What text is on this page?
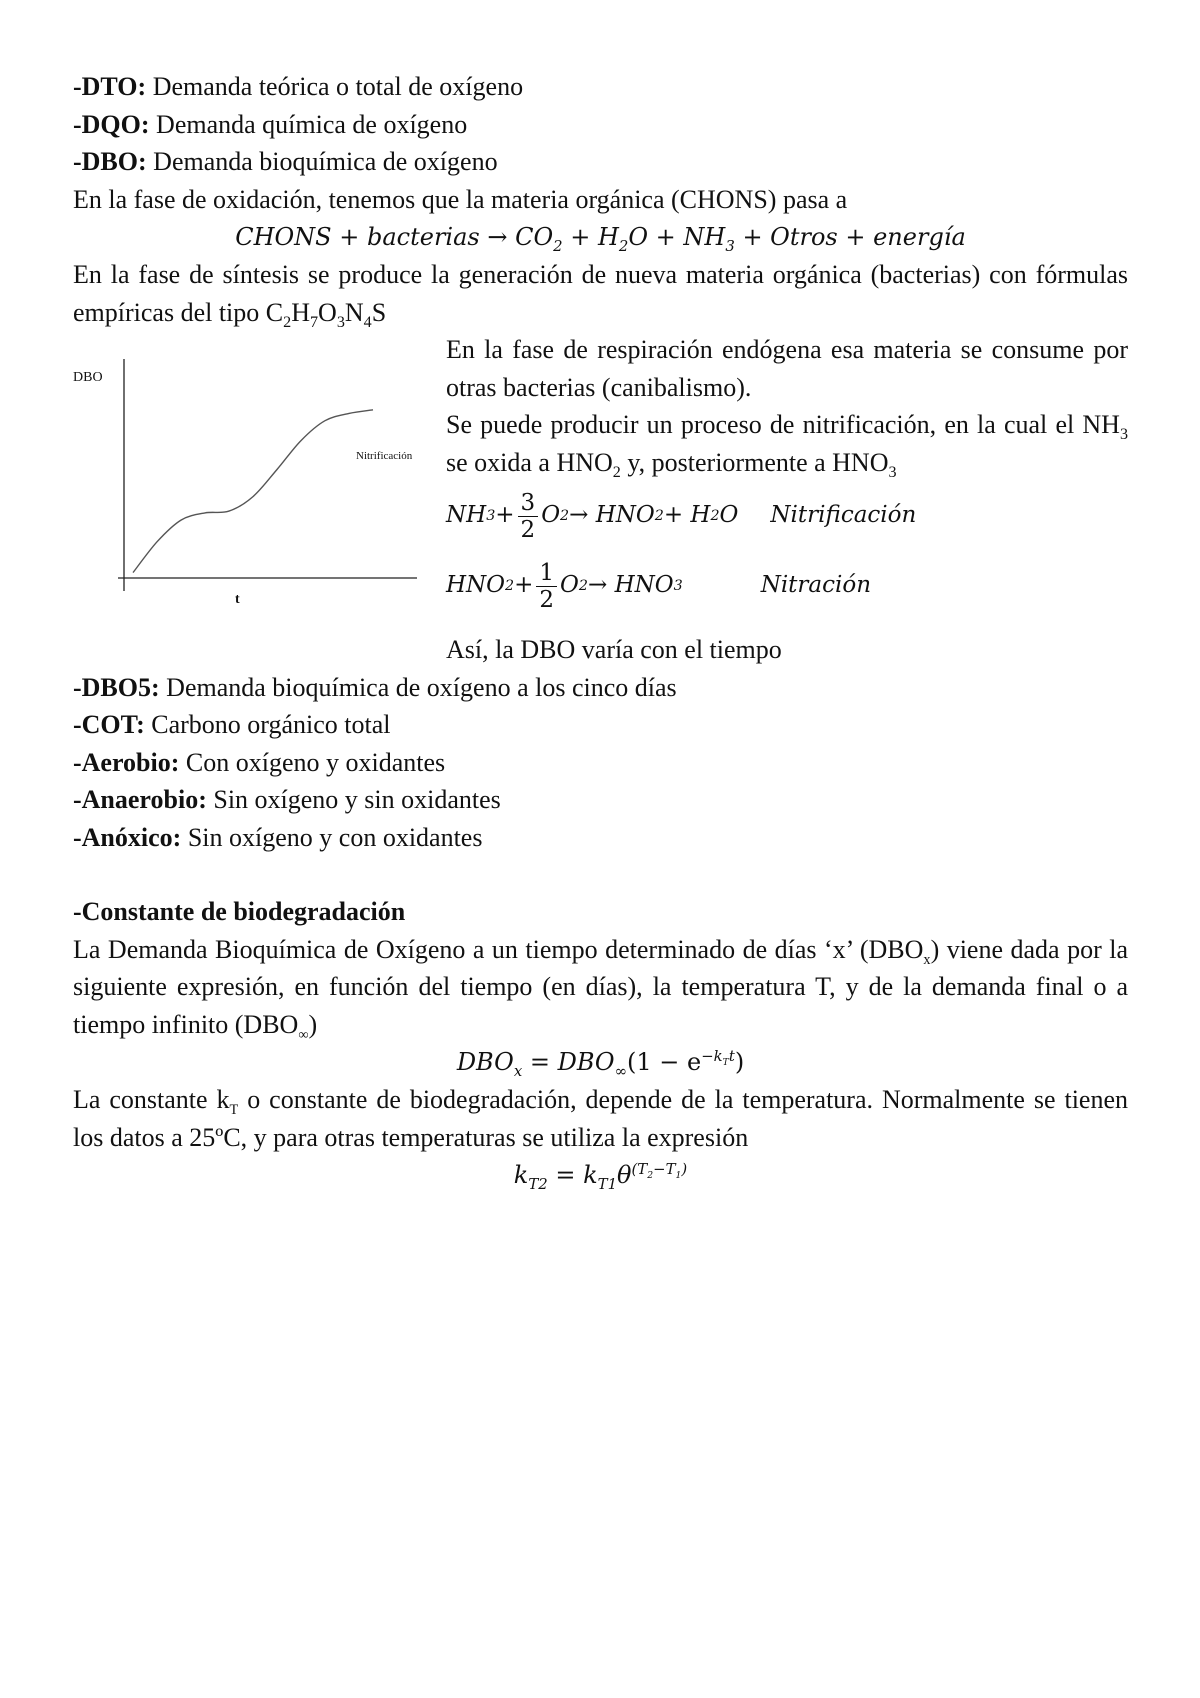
-DTO: Demanda teórica o total de oxígeno

-DQO: Demanda química de oxígeno

-DBO: Demanda bioquímica de oxígeno

En la fase de oxidación, tenemos que la materia orgánica (CHONS) pasa a

CHONS + bacterias → $CO_2 + H_2O + NH_3$ + Otros + energía

En la fase de síntesis se produce la generación de nueva materia orgánica (bacterias) con fórmulas empíricas del tipo $C_2H_7O_3N_4S$

DBO
t
Nitrificación

En la fase de respiración endógena esa materia se consume por otras bacterias (canibalismo).

Se puede producir un proceso de nitrificación, en la cual el $NH_3$ se oxida a $HNO_2$ y, posteriormente a $HNO_3$

NH $3 + \frac{3}{2}$ O 2 → HNO 2 + H 2 O Nitrificación
HNO $2 + \frac{1}{2}$ O 2 → HNO 3	Nitración

Así, la DBO varía con el tiempo

-DBO5: Demanda bioquímica de oxígeno a los cinco días

-COT: Carbono orgánico total

-Aerobio: Con oxígeno y oxidantes

-Anaerobio: Sin oxígeno y sin oxidantes

-Anóxico: Sin oxígeno y con oxidantes

-Constante de biodegradación

La Demanda Bioquímica de Oxígeno a un tiempo determinado de días ‘x’ $(DBO_x)$ viene dada por la siguiente expresión, en función del tiempo (en días), la temperatura T, y de la demanda final o a tiempo infinito $(DBO_\infty)$

$DBO_x = DBO_\infty(1 - e^{-k_Tt})$

La constante $k_T$ o constante de biodegradación, depende de la temperatura. Normalmente se tienen los datos a 25ºC, y para otras temperaturas se utiliza la expresión

$k_{T2} = k_{T1}\theta^{(T_2-T_1)}$
